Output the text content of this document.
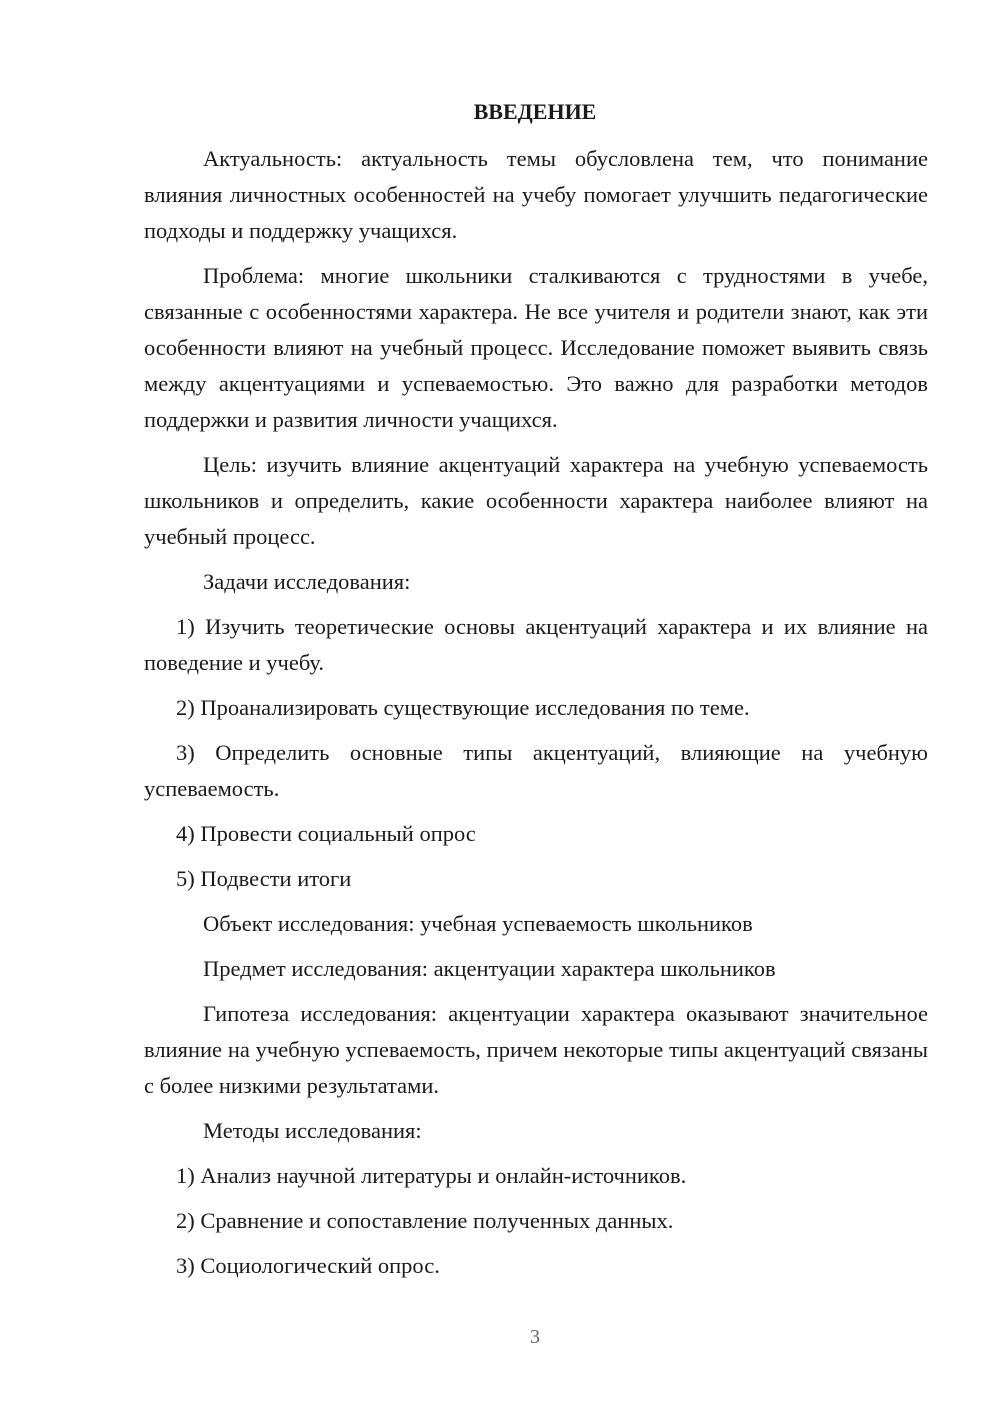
ВВЕДЕНИЕ

Актуальность: актуальность темы обусловлена тем, что понимание влияния личностных особенностей на учебу помогает улучшить педагогические подходы и поддержку учащихся.

Проблема: многие школьники сталкиваются с трудностями в учебе, связанные с особенностями характера. Не все учителя и родители знают, как эти особенности влияют на учебный процесс. Исследование поможет выявить связь между акцентуациями и успеваемостью. Это важно для разработки методов поддержки и развития личности учащихся.

Цель: изучить влияние акцентуаций характера на учебную успеваемость школьников и определить, какие особенности характера наиболее влияют на учебный процесс.

Задачи исследования:

1) Изучить теоретические основы акцентуаций характера и их влияние на поведение и учебу.

2) Проанализировать существующие исследования по теме.

3) Определить основные типы акцентуаций, влияющие на учебную успеваемость.

4) Провести социальный опрос

5) Подвести итоги

Объект исследования: учебная успеваемость школьников

Предмет исследования: акцентуации характера школьников

Гипотеза исследования: акцентуации характера оказывают значительное влияние на учебную успеваемость, причем некоторые типы акцентуаций связаны с более низкими результатами.

Методы исследования:

1) Анализ научной литературы и онлайн-источников.

2) Сравнение и сопоставление полученных данных.

3) Социологический опрос.

3
